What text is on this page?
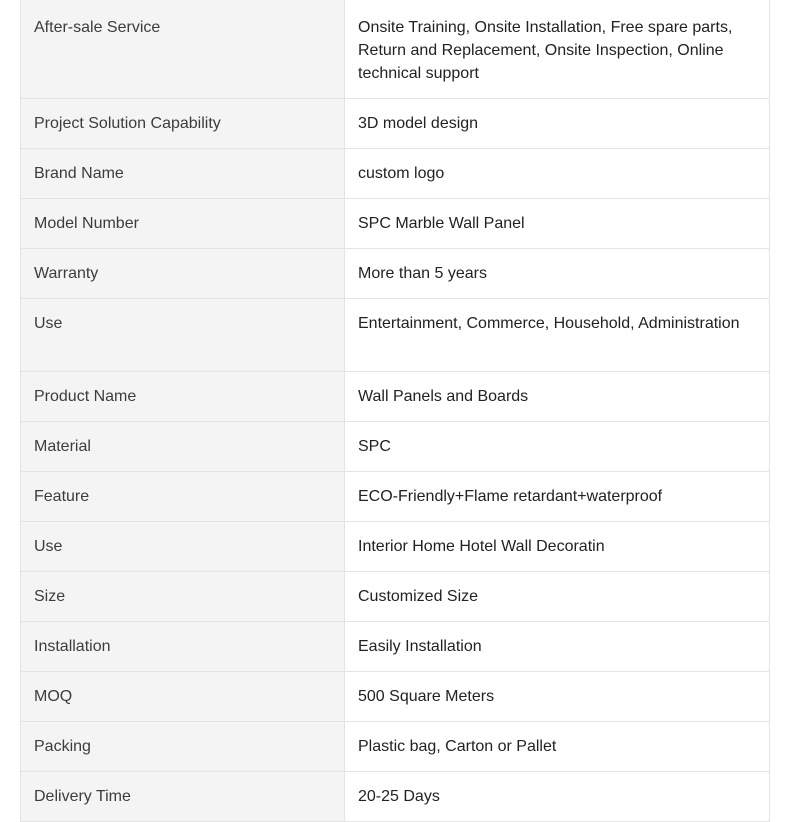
After-sale Service	Onsite Training, Onsite Installation, Free spare parts, Return and Replacement, Onsite Inspection, Online technical support
Project Solution Capability	3D model design
Brand Name	custom logo
Model Number	SPC Marble Wall Panel
Warranty	More than 5 years
Use	Entertainment, Commerce, Household, Administration
Product Name	Wall Panels and Boards
Material	SPC
Feature	ECO-Friendly+Flame retardant+waterproof
Use	Interior Home Hotel Wall Decoratin
Size	Customized Size
Installation	Easily Installation
MOQ	500 Square Meters
Packing	Plastic bag, Carton or Pallet
Delivery Time	20-25 Days
